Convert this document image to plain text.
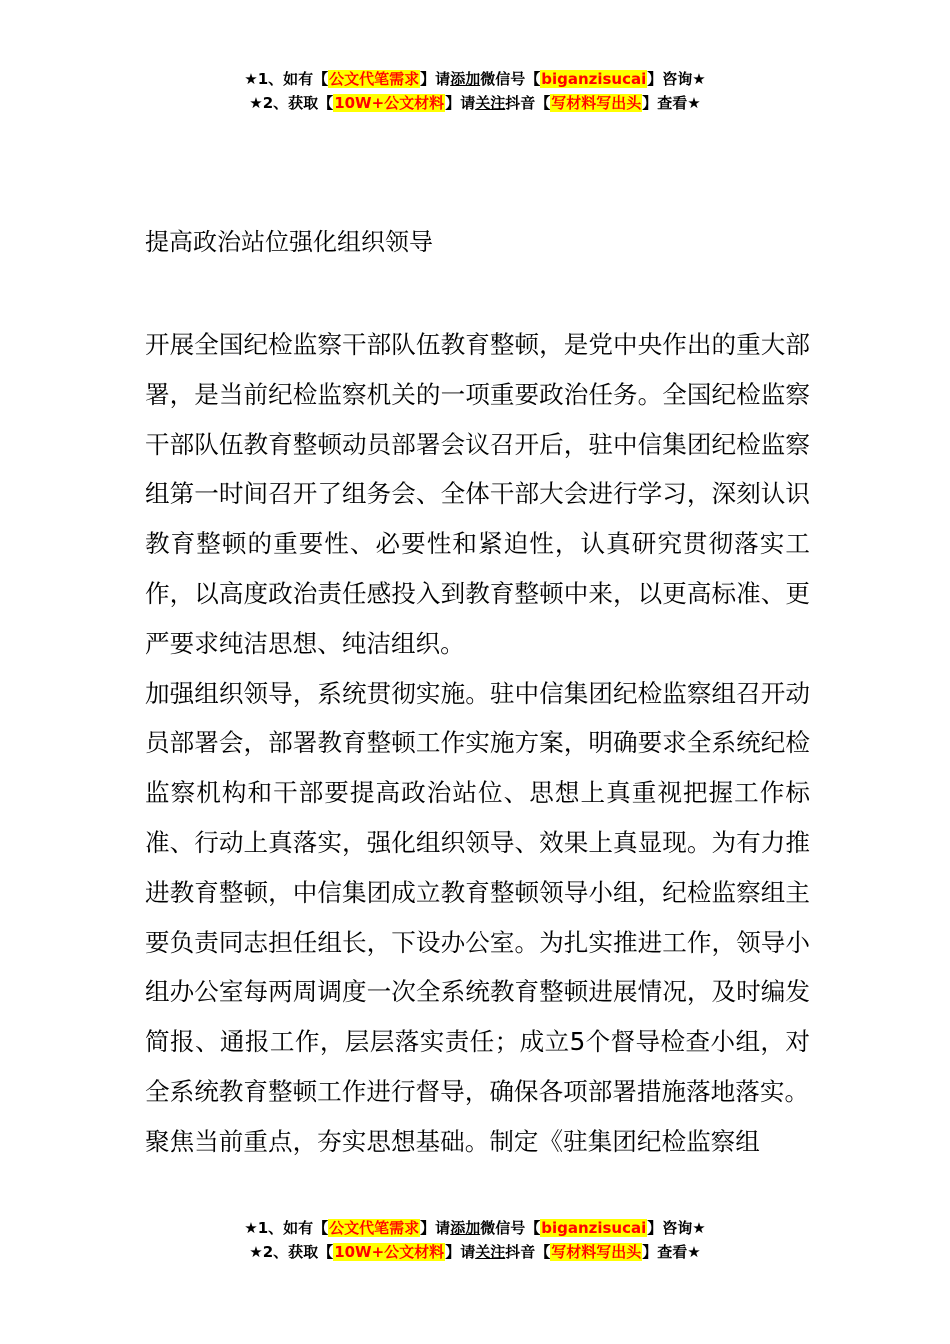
★1、如有【公文代笔需求】请添加微信号【biganzisucai】咨询★
★2、获取【10W+公文材料】请关注抖音【写材料写出头】查看★
提高政治站位强化组织领导

开展全国纪检监察干部队伍教育整顿，是党中央作出的重大部署，是当前纪检监察机关的一项重要政治任务。全国纪检监察干部队伍教育整顿动员部署会议召开后，驻中信集团纪检监察组第一时间召开了组务会、全体干部大会进行学习，深刻认识教育整顿的重要性、必要性和紧迫性，认真研究贯彻落实工作，以高度政治责任感投入到教育整顿中来，以更高标准、更严要求纯洁思想、纯洁组织。

加强组织领导，系统贯彻实施。驻中信集团纪检监察组召开动员部署会，部署教育整顿工作实施方案，明确要求全系统纪检监察机构和干部要提高政治站位、思想上真重视把握工作标准、行动上真落实，强化组织领导、效果上真显现。为有力推进教育整顿，中信集团成立教育整顿领导小组，纪检监察组主要负责同志担任组长，下设办公室。为扎实推进工作，领导小组办公室每两周调度一次全系统教育整顿进展情况，及时编发简报、通报工作，层层落实责任；成立5个督导检查小组，对全系统教育整顿工作进行督导，确保各项部署措施落地落实。

聚焦当前重点，夯实思想基础。制定《驻集团纪检监察组

★1、如有【公文代笔需求】请添加微信号【biganzisucai】咨询★
★2、获取【10W+公文材料】请关注抖音【写材料写出头】查看★
